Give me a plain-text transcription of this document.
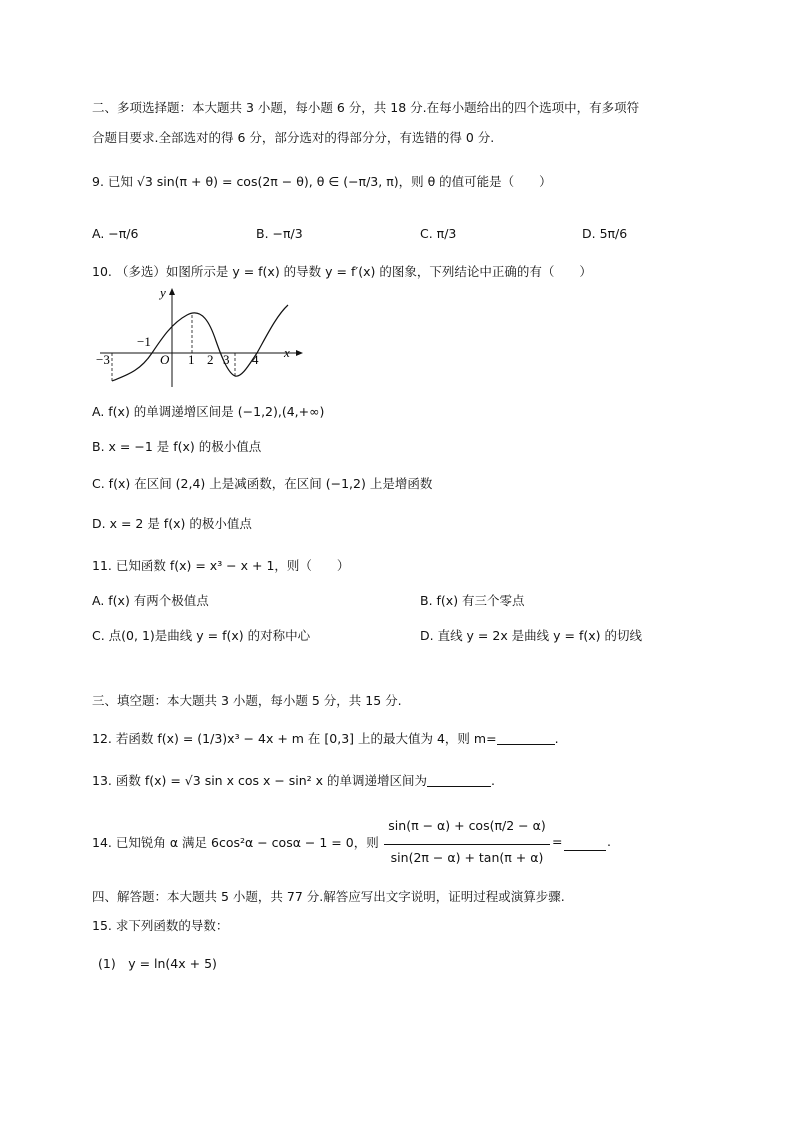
二、多项选择题：本大题共 3 小题，每小题 6 分，共 18 分.在每小题给出的四个选项中，有多项符
合题目要求.全部选对的得 6 分，部分选对的得部分分，有选错的得 0 分.
9. 已知 √3 sin(π + θ) = cos(2π − θ), θ ∈ (−π/3, π)，则 θ 的值可能是（　　）
A. −π/6	B. −π/3	C. π/3	D. 5π/6
10. （多选）如图所示是 y = f(x) 的导数 y = f′(x) 的图象，下列结论中正确的有（　　）
y
x
O
−3
−1
1 2 3 4
A. f(x) 的单调递增区间是 (−1,2),(4,+∞)
B. x = −1 是 f(x) 的极小值点
C. f(x) 在区间 (2,4) 上是减函数，在区间 (−1,2) 上是增函数
D. x = 2 是 f(x) 的极小值点
11. 已知函数 f(x) = x³ − x + 1，则（　　）
A. f(x) 有两个极值点	B. f(x) 有三个零点
C. 点(0, 1)是曲线 y = f(x) 的对称中心	D. 直线 y = 2x 是曲线 y = f(x) 的切线
三、填空题：本大题共 3 小题，每小题 5 分，共 15 分.
12. 若函数 f(x) = (1/3)x³ − 4x + m 在 [0,3] 上的最大值为 4，则 m=	.
13. 函数 f(x) = √3 sin x cos x − sin² x 的单调递增区间为	.
14. 已知锐角 α 满足 6cos²α − cosα − 1 = 0，则
sin(π − α) + cos(π/2 − α)
sin(2π − α) + tan(π + α)
=	.
四、解答题：本大题共 5 小题，共 77 分.解答应写出文字说明，证明过程或演算步骤.
15. 求下列函数的导数：
(1)　y = ln(4x + 5)
